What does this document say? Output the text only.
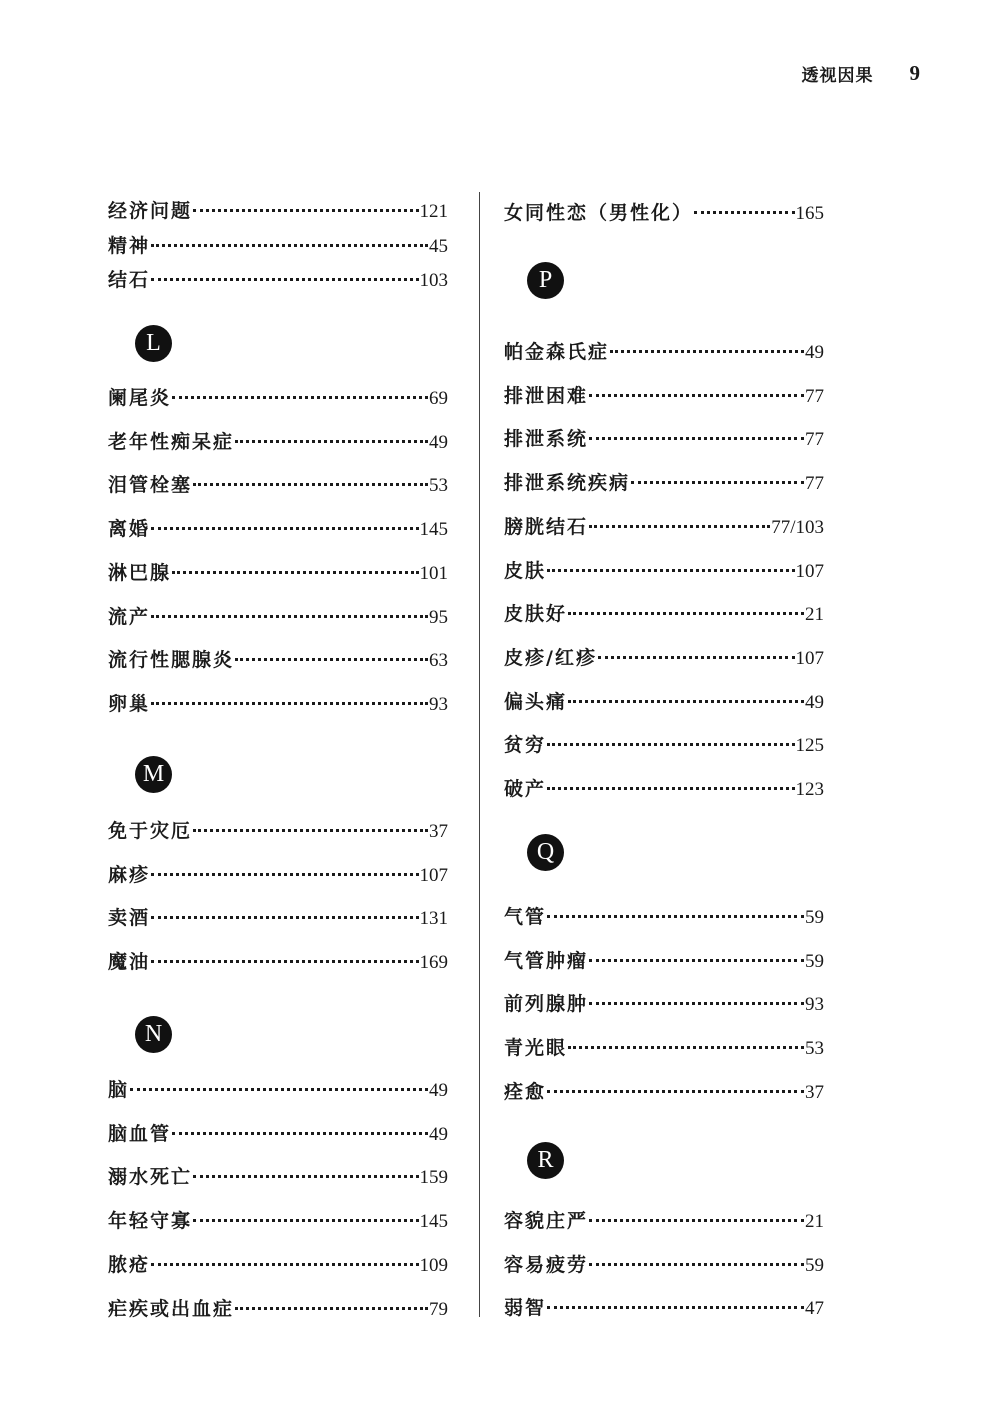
透视因果 9
经济问题	121
精神	45
结石	103
L
阑尾炎	69
老年性痴呆症	49
泪管栓塞	53
离婚	145
淋巴腺	101
流产	95
流行性腮腺炎	63
卵巢	93
M
免于灾厄	37
麻疹	107
卖酒	131
魔油	169
N
脑	49
脑血管	49
溺水死亡	159
年轻守寡	145
脓疮	109
疟疾或出血症	79
女同性恋（男性化）	165
P
帕金森氏症	49
排泄困难	77
排泄系统	77
排泄系统疾病	77
膀胱结石	77/103
皮肤	107
皮肤好	21
皮疹/红疹	107
偏头痛	49
贫穷	125
破产	123
Q
气管	59
气管肿瘤	59
前列腺肿	93
青光眼	53
痊愈	37
R
容貌庄严	21
容易疲劳	59
弱智	47
